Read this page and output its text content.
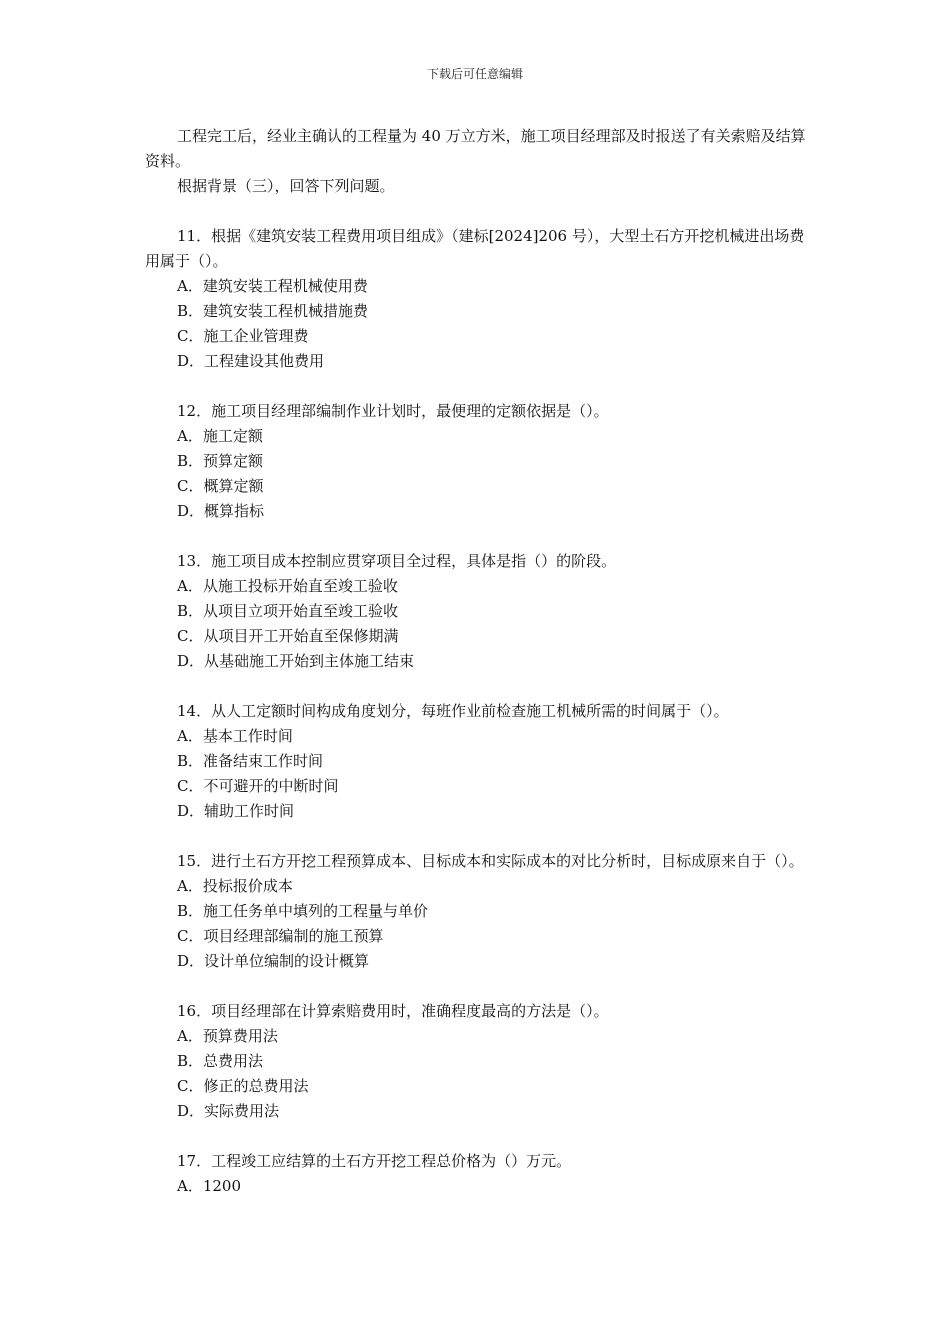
下载后可任意编辑

工程完工后，经业主确认的工程量为 40 万立方米，施工项目经理部及时报送了有关索赔及结算资料。

根据背景（三），回答下列问题。

11．根据《建筑安装工程费用项目组成》（建标[2024]206 号），大型土石方开挖机械进出场费用属于（）。

A．建筑安装工程机械使用费

B．建筑安装工程机械措施费

C．施工企业管理费

D．工程建设其他费用

12．施工项目经理部编制作业计划时，最便理的定额依据是（）。

A．施工定额

B．预算定额

C．概算定额

D．概算指标

13．施工项目成本控制应贯穿项目全过程，具体是指（）的阶段。

A．从施工投标开始直至竣工验收

B．从项目立项开始直至竣工验收

C．从项目开工开始直至保修期满

D．从基础施工开始到主体施工结束

14．从人工定额时间构成角度划分，每班作业前检查施工机械所需的时间属于（）。

A．基本工作时间

B．准备结束工作时间

C．不可避开的中断时间

D．辅助工作时间

15．进行土石方开挖工程预算成本、目标成本和实际成本的对比分析时，目标成原来自于（）。

A．投标报价成本

B．施工任务单中填列的工程量与单价

C．项目经理部编制的施工预算

D．设计单位编制的设计概算

16．项目经理部在计算索赔费用时，准确程度最高的方法是（）。

A．预算费用法

B．总费用法

C．修正的总费用法

D．实际费用法

17．工程竣工应结算的土石方开挖工程总价格为（）万元。

A．1200
